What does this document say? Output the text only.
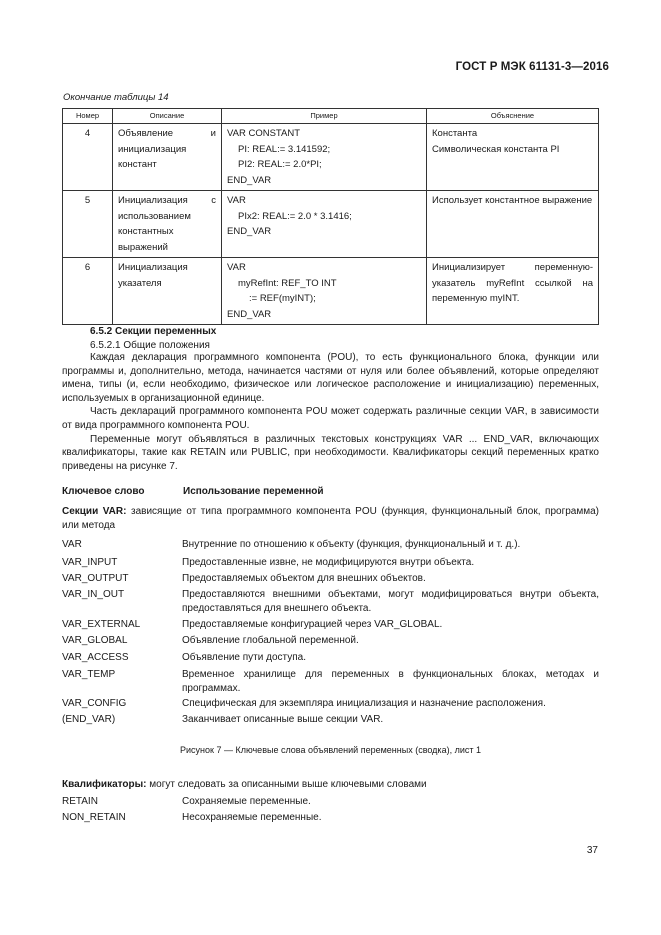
ГОСТ Р МЭК 61131-3—2016
Окончание таблицы 14
Номер	Описание	Пример	Объяснение
4	Объявление и инициализация констант	VAR CONSTANT
PI: REAL:= 3.141592;
PI2: REAL:= 2.0*PI;
END_VAR	Константа
Символическая константа PI

5	Инициализация с использованием константных выражений	VAR
PIx2: REAL:= 2.0 * 3.1416;
END_VAR	Использует константное выражение
6	Инициализация указателя	VAR
myRefInt: REF_TO INT
:= REF(myINT);
END_VAR	Инициализирует переменную-указатель myRefInt ссылкой на переменную myINT.
6.5.2 Секции переменных
6.5.2.1 Общие положения

Каждая декларация программного компонента (POU), то есть функционального блока, функции или программы и, дополнительно, метода, начинается частями от нуля или более объявлений, которые определяют имена, типы (и, если необходимо, физическое или логическое расположение и инициализацию) переменных, используемых в организационной единице.

Часть деклараций программного компонента POU может содержать различные секции VAR, в зависимости от вида программного компонента POU.

Переменные могут объявляться в различных текстовых конструкциях VAR ... END_VAR, включающих квалификаторы, такие как RETAIN или PUBLIC, при необходимости. Квалификаторы секций переменных кратко приведены на рисунке 7.

Ключевое слово	Использование переменной
Секции VAR: зависящие от типа программного компонента POU (функция, функциональный блок, программа) или метода
VAR	Внутренние по отношению к объекту (функция, функциональный и т. д.).
VAR_INPUT	Предоставленные извне, не модифицируются внутри объекта.
VAR_OUTPUT	Предоставляемых объектом для внешних объектов.
VAR_IN_OUT	Предоставляются внешними объектами, могут модифицироваться внутри объекта, предоставляться для внешнего объекта.
VAR_EXTERNAL	Предоставляемые конфигурацией через VAR_GLOBAL.
VAR_GLOBAL	Объявление глобальной переменной.
VAR_ACCESS	Объявление пути доступа.
VAR_TEMP	Временное хранилище для переменных в функциональных блоках, методах и программах.
VAR_CONFIG	Специфическая для экземпляра инициализация и назначение расположения.
(END_VAR)	Заканчивает описанные выше секции VAR.
Рисунок 7 — Ключевые слова объявлений переменных (сводка), лист 1
Квалификаторы: могут следовать за описанными выше ключевыми словами
RETAIN	Сохраняемые переменные.
NON_RETAIN	Несохраняемые переменные.
37
